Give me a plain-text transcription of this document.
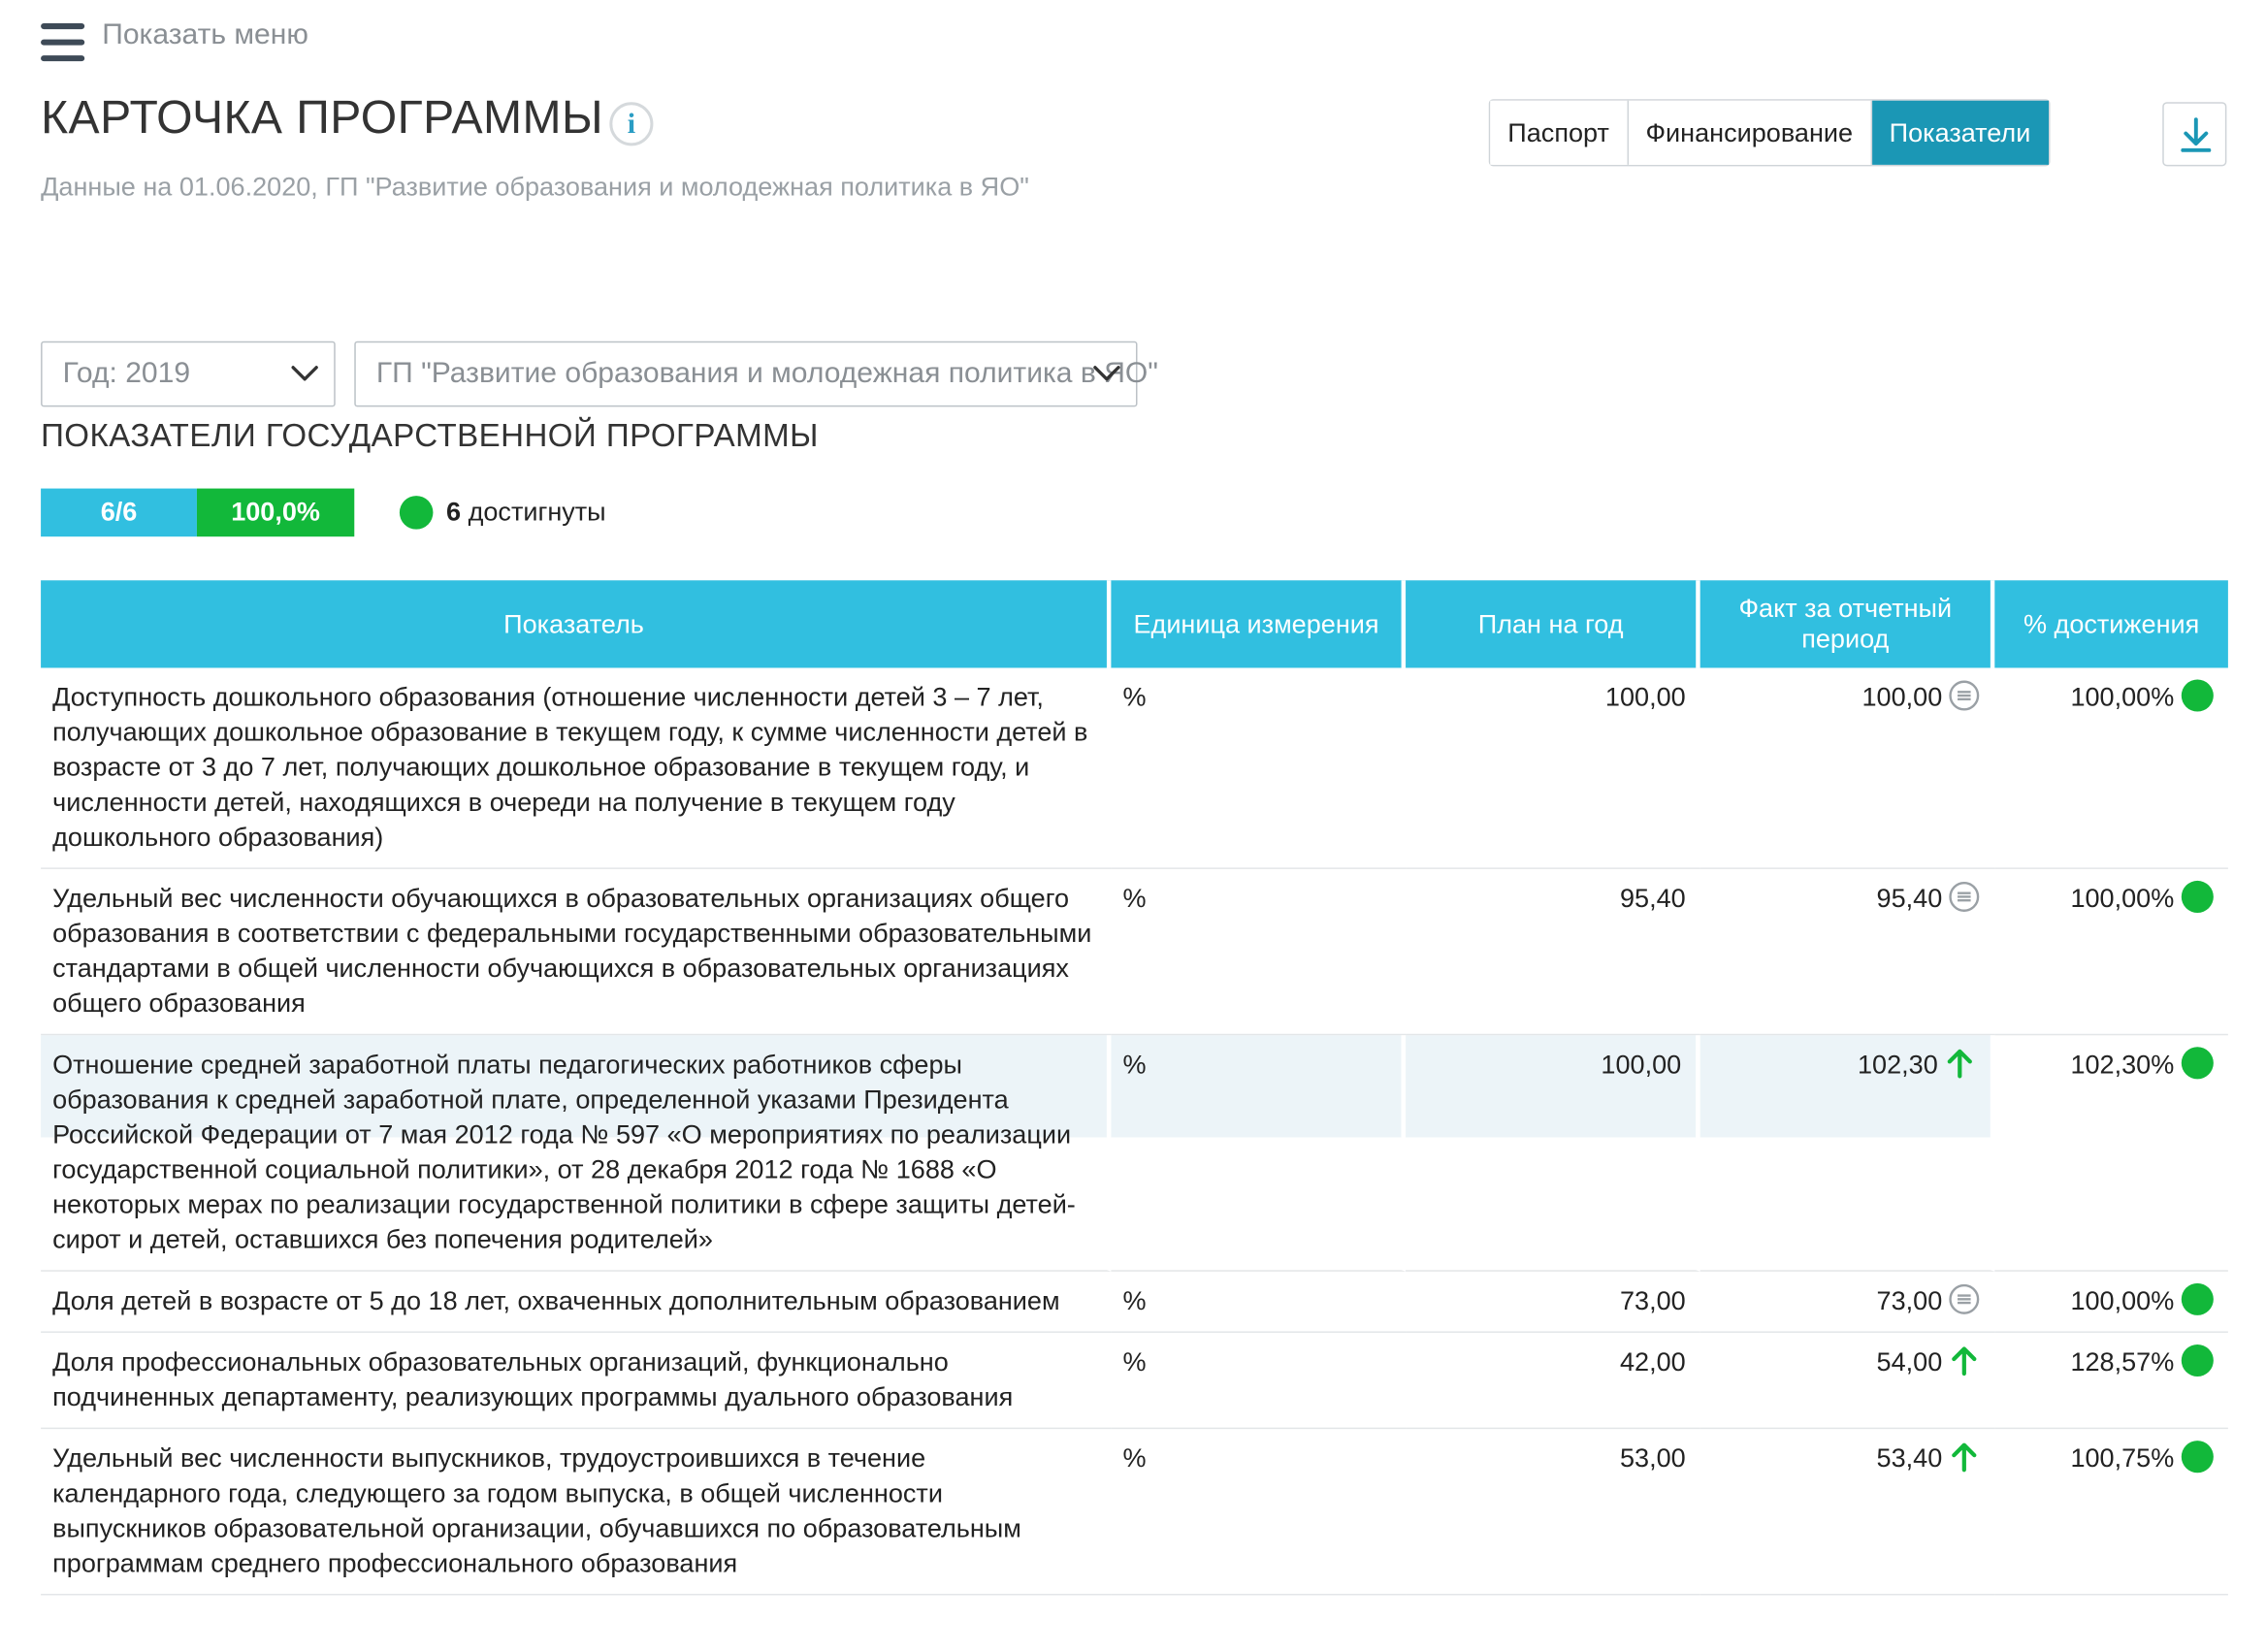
Показать меню
КАРТОЧКА ПРОГРАММЫ	i
Данные на 01.06.2020, ГП "Развитие образования и молодежная политика в ЯО"
Паспорт	Финансирование	Показатели
Год: 2019	ГП "Развитие образования и молодежная политика в ЯО"
ПОКАЗАТЕЛИ ГОСУДАРСТВЕННОЙ ПРОГРАММЫ
6/6	100,0%	6 достигнуты
Показатель	Единица измерения	План на год	Факт за отчетный период	% достижения
Доступность дошкольного образования (отношение численности детей 3 – 7 лет, получающих дошкольное образование в текущем году, к сумме численности детей в возрасте от 3 до 7 лет, получающих дошкольное образование в текущем году, и численности детей, находящихся в очереди на получение в текущем году дошкольного образования)	%	100,00	100,00	100,00%
Удельный вес численности обучающихся в образовательных организациях общего образования в соответствии с федеральными государственными образовательными стандартами в общей численности обучающихся в образовательных организациях общего образования	%	95,40	95,40	100,00%
Отношение средней заработной платы педагогических работников сферы образования к средней заработной плате, определенной указами Президента Российской Федерации от 7 мая 2012 года № 597 «О мероприятиях по реализации государственной социальной политики», от 28 декабря 2012 года № 1688 «О некоторых мерах по реализации государственной политики в сфере защиты детей-сирот и детей, оставшихся без попечения родителей»	%	100,00	102,30	102,30%
Доля детей в возрасте от 5 до 18 лет, охваченных дополнительным образованием	%	73,00	73,00	100,00%
Доля профессиональных образовательных организаций, функционально подчиненных департаменту, реализующих программы дуального образования	%	42,00	54,00	128,57%
Удельный вес численности выпускников, трудоустроившихся в течение календарного года, следующего за годом выпуска, в общей численности выпускников образовательной организации, обучавшихся по образовательным программам среднего профессионального образования	%	53,00	53,40	100,75%
